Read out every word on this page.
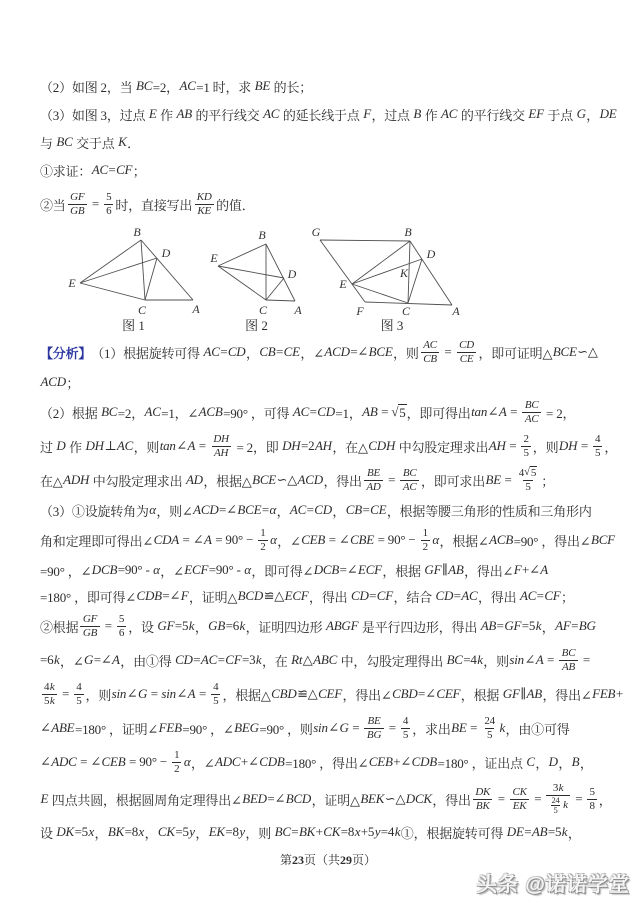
（2）如图 2，当 BC =2， AC =1 时，求 BE 的长；
（3）如图 3，过点 E 作 AB 的平行线交 AC 的延长线于点 F ，过点 B 作 AC 的平行线交 EF 于点 G ， DE
与 BC 交于点 K ．
①求证： AC = CF ；
②当 $\frac{GF}{GB} = \frac{5}{6}$ 时，直接写出 $\frac{KD}{KE}$ 的值．
B
D
E
C	A
图 1
B
E
D
C A
图 2
G	B
D
K
E
F	C	A
图 3
【分析】 （1）根据旋转可得 AC = CD ， CB = CE ，∠ ACD =∠ BCE ，则 $\frac{AC}{CB} = \frac{CD}{CE}$ ，即可证明△ BCE ∽△
ACD ；
（2）根据 BC =2， AC =1，∠ ACB =90° ，可得 AC = CD =1， AB = √ 5 ，即可得出 tan ∠ $A = \frac{BC}{AC} = 2$，
过 D 作 DH ⊥ AC ，则 tan ∠ $A = \frac{DH}{AH} = 2$，即 DH =2 AH ，在△ CDH 中勾股定理求出 AH = $\frac{2}{5}$ ，则 DH = $\frac{4}{5}$ ，
在△ ADH 中勾股定理求出 AD ，根据△ BCE ∽△ ACD ，得出 $\frac{BE}{AD} = \frac{BC}{AC}$ ，即可求出 BE = $\frac{4 √ 5}{5}$ ；
（3）①设旋转角为 α ，则∠ ACD =∠ BCE = α ， AC = CD ， CB = CE ，根据等腰三角形的性质和三角形内
角和定理即可得出∠ CDA = ∠ $A = 90^\circ - \frac{1}{2}$ α ，∠ CEB = ∠ CBE = $90^\circ - \frac{1}{2}$ α ，根据∠ ACB =90° ，得出∠ BCF
=90° ，∠ DCB =90° - α ，∠ ECF =90° - α ，即可得∠ DCB =∠ ECF ，根据 GF ∥ AB ，得出∠ F +∠ A
=180° ，即可得∠ CDB =∠ F ，证明△ BCD ≌△ ECF ，得出 CD = CF ，结合 CD = AC ，得出 AC = CF ；
②根据 $\frac{GF}{GB} = \frac{5}{6}$ ，设 GF =5 k ， GB =6 k ，证明四边形 ABGF 是平行四边形，得出 AB = GF =5 k ， AF = BG
=6 k ，∠ G =∠ A ，由①得 CD = AC = CF =3 k ，在 Rt △ ABC 中，勾股定理得出 BC =4 k ，则 sin ∠ $A = \frac{BC}{AB}$ =
$\frac{4 k}{5 k} = \frac{4}{5}$ ，则 sin ∠ G = sin ∠ $A = \frac{4}{5}$ ，根据△ CBD ≌△ CEF ，得出∠ CBD =∠ CEF ，根据 GF ∥ AB ，得出∠ FEB +
∠ ABE =180° ，证明∠ FEB =90° ，∠ BEG =90° ，则 sin ∠ $G = \frac{BE}{BG} = \frac{4}{5}$ ，求出 BE = $\frac{24}{5}$ k ，由①可得
∠ ADC = ∠ CEB = $90^\circ - \frac{1}{2}$ α ，∠ ADC +∠ CDB =180° ，得出∠ CEB +∠ CDB =180° ，证出点 C ， D ， B ，
E 四点共圆，根据圆周角定理得出∠ BED =∠ BCD ，证明△ BEK ∽△ DCK ，得出 $\frac{DK}{BK} = \frac{CK}{EK} = \frac{3 k}{\frac{24}{5} k} = \frac{5}{8}$ ，
设 DK =5 x ， BK =8 x ， CK =5 y ， EK =8 y ，则 BC = BK + CK =8 x +5 y =4 k ①，根据旋转可得 DE = AB =5 k ，
第23页（共29页）
头条 @诺诺学堂
